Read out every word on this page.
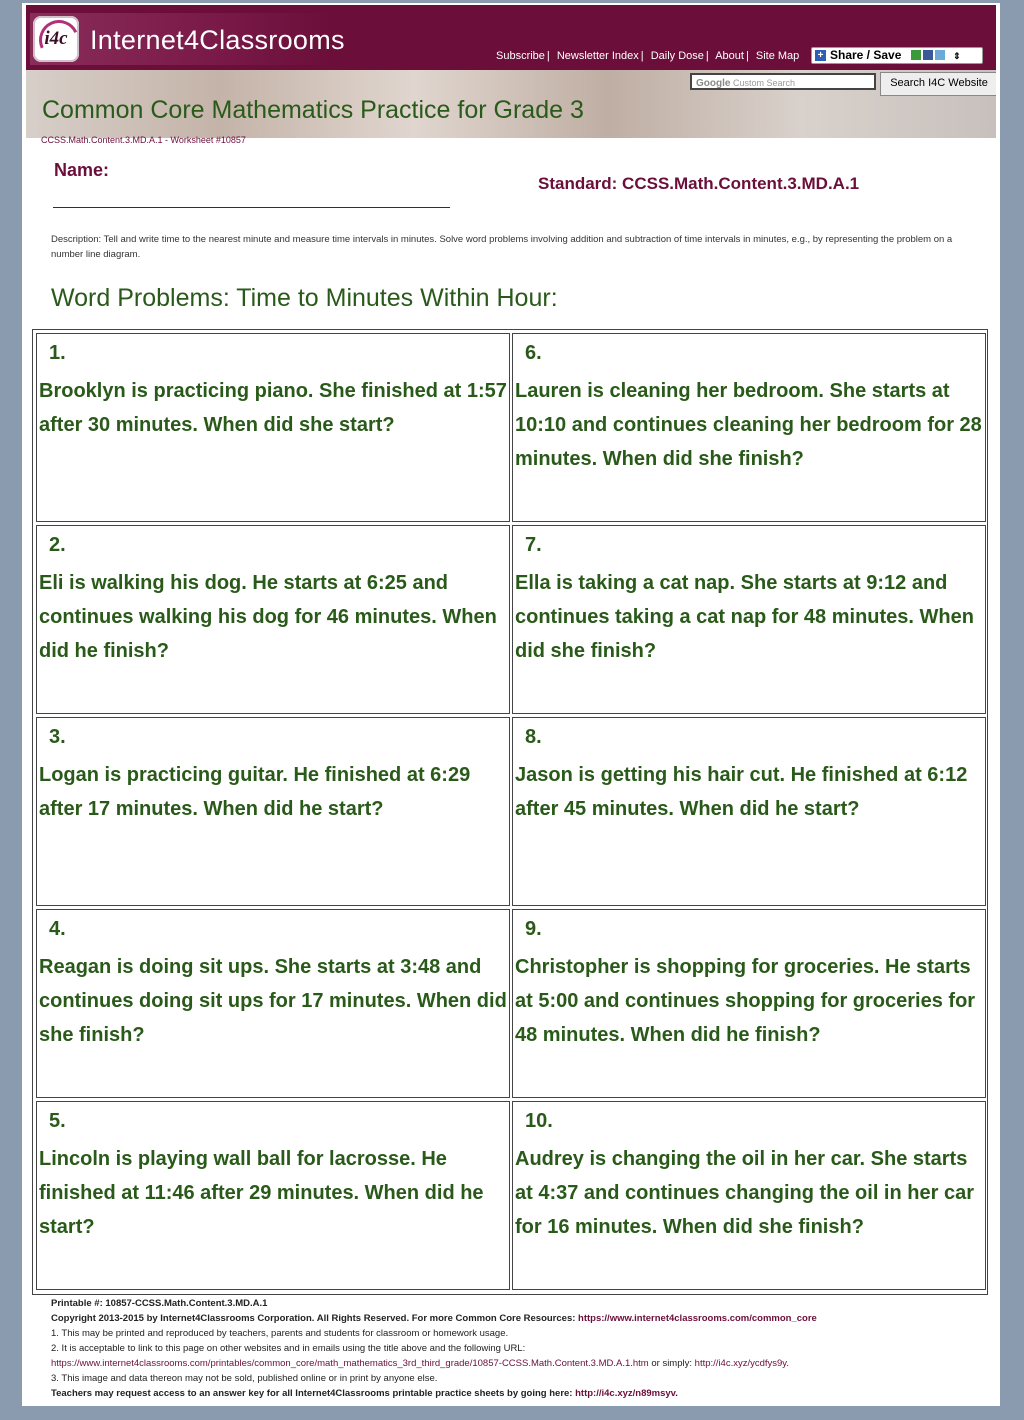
i4c Internet4Classrooms
Subscribe | Newsletter Index | Daily Dose | About | Site Map	+ Share / Save	⇕
Google Custom Search	Search I4C Website
Common Core Mathematics Practice for Grade 3
CCSS.Math.Content.3.MD.A.1 - Worksheet #10857
Name:
Standard: CCSS.Math.Content.3.MD.A.1
Description: Tell and write time to the nearest minute and measure time intervals in minutes. Solve word problems involving addition and subtraction of time intervals in minutes, e.g., by representing the problem on a number line diagram.
Word Problems: Time to Minutes Within Hour:
1.
Brooklyn is practicing piano. She finished at 1:57 after 30 minutes. When did she start?
6.
Lauren is cleaning her bedroom. She starts at 10:10 and continues cleaning her bedroom for 28 minutes. When did she finish?
2.
Eli is walking his dog. He starts at 6:25 and continues walking his dog for 46 minutes. When did he finish?
7.
Ella is taking a cat nap. She starts at 9:12 and continues taking a cat nap for 48 minutes. When did she finish?
3.
Logan is practicing guitar. He finished at 6:29 after 17 minutes. When did he start?
8.
Jason is getting his hair cut. He finished at 6:12 after 45 minutes. When did he start?
4.
Reagan is doing sit ups. She starts at 3:48 and continues doing sit ups for 17 minutes. When did she finish?
9.
Christopher is shopping for groceries. He starts at 5:00 and continues shopping for groceries for 48 minutes. When did he finish?
5.
Lincoln is playing wall ball for lacrosse. He finished at 11:46 after 29 minutes. When did he start?
10.
Audrey is changing the oil in her car. She starts at 4:37 and continues changing the oil in her car for 16 minutes. When did she finish?
Printable #: 10857-CCSS.Math.Content.3.MD.A.1
Copyright 2013-2015 by Internet4Classrooms Corporation. All Rights Reserved. For more Common Core Resources: https://www.internet4classrooms.com/common_core
1. This may be printed and reproduced by teachers, parents and students for classroom or homework usage.
2. It is acceptable to link to this page on other websites and in emails using the title above and the following URL:
https://www.internet4classrooms.com/printables/common_core/math_mathematics_3rd_third_grade/10857-CCSS.Math.Content.3.MD.A.1.htm or simply: http://i4c.xyz/ycdfys9y.
3. This image and data thereon may not be sold, published online or in print by anyone else.
Teachers may request access to an answer key for all Internet4Classrooms printable practice sheets by going here: http://i4c.xyz/n89msyv.
